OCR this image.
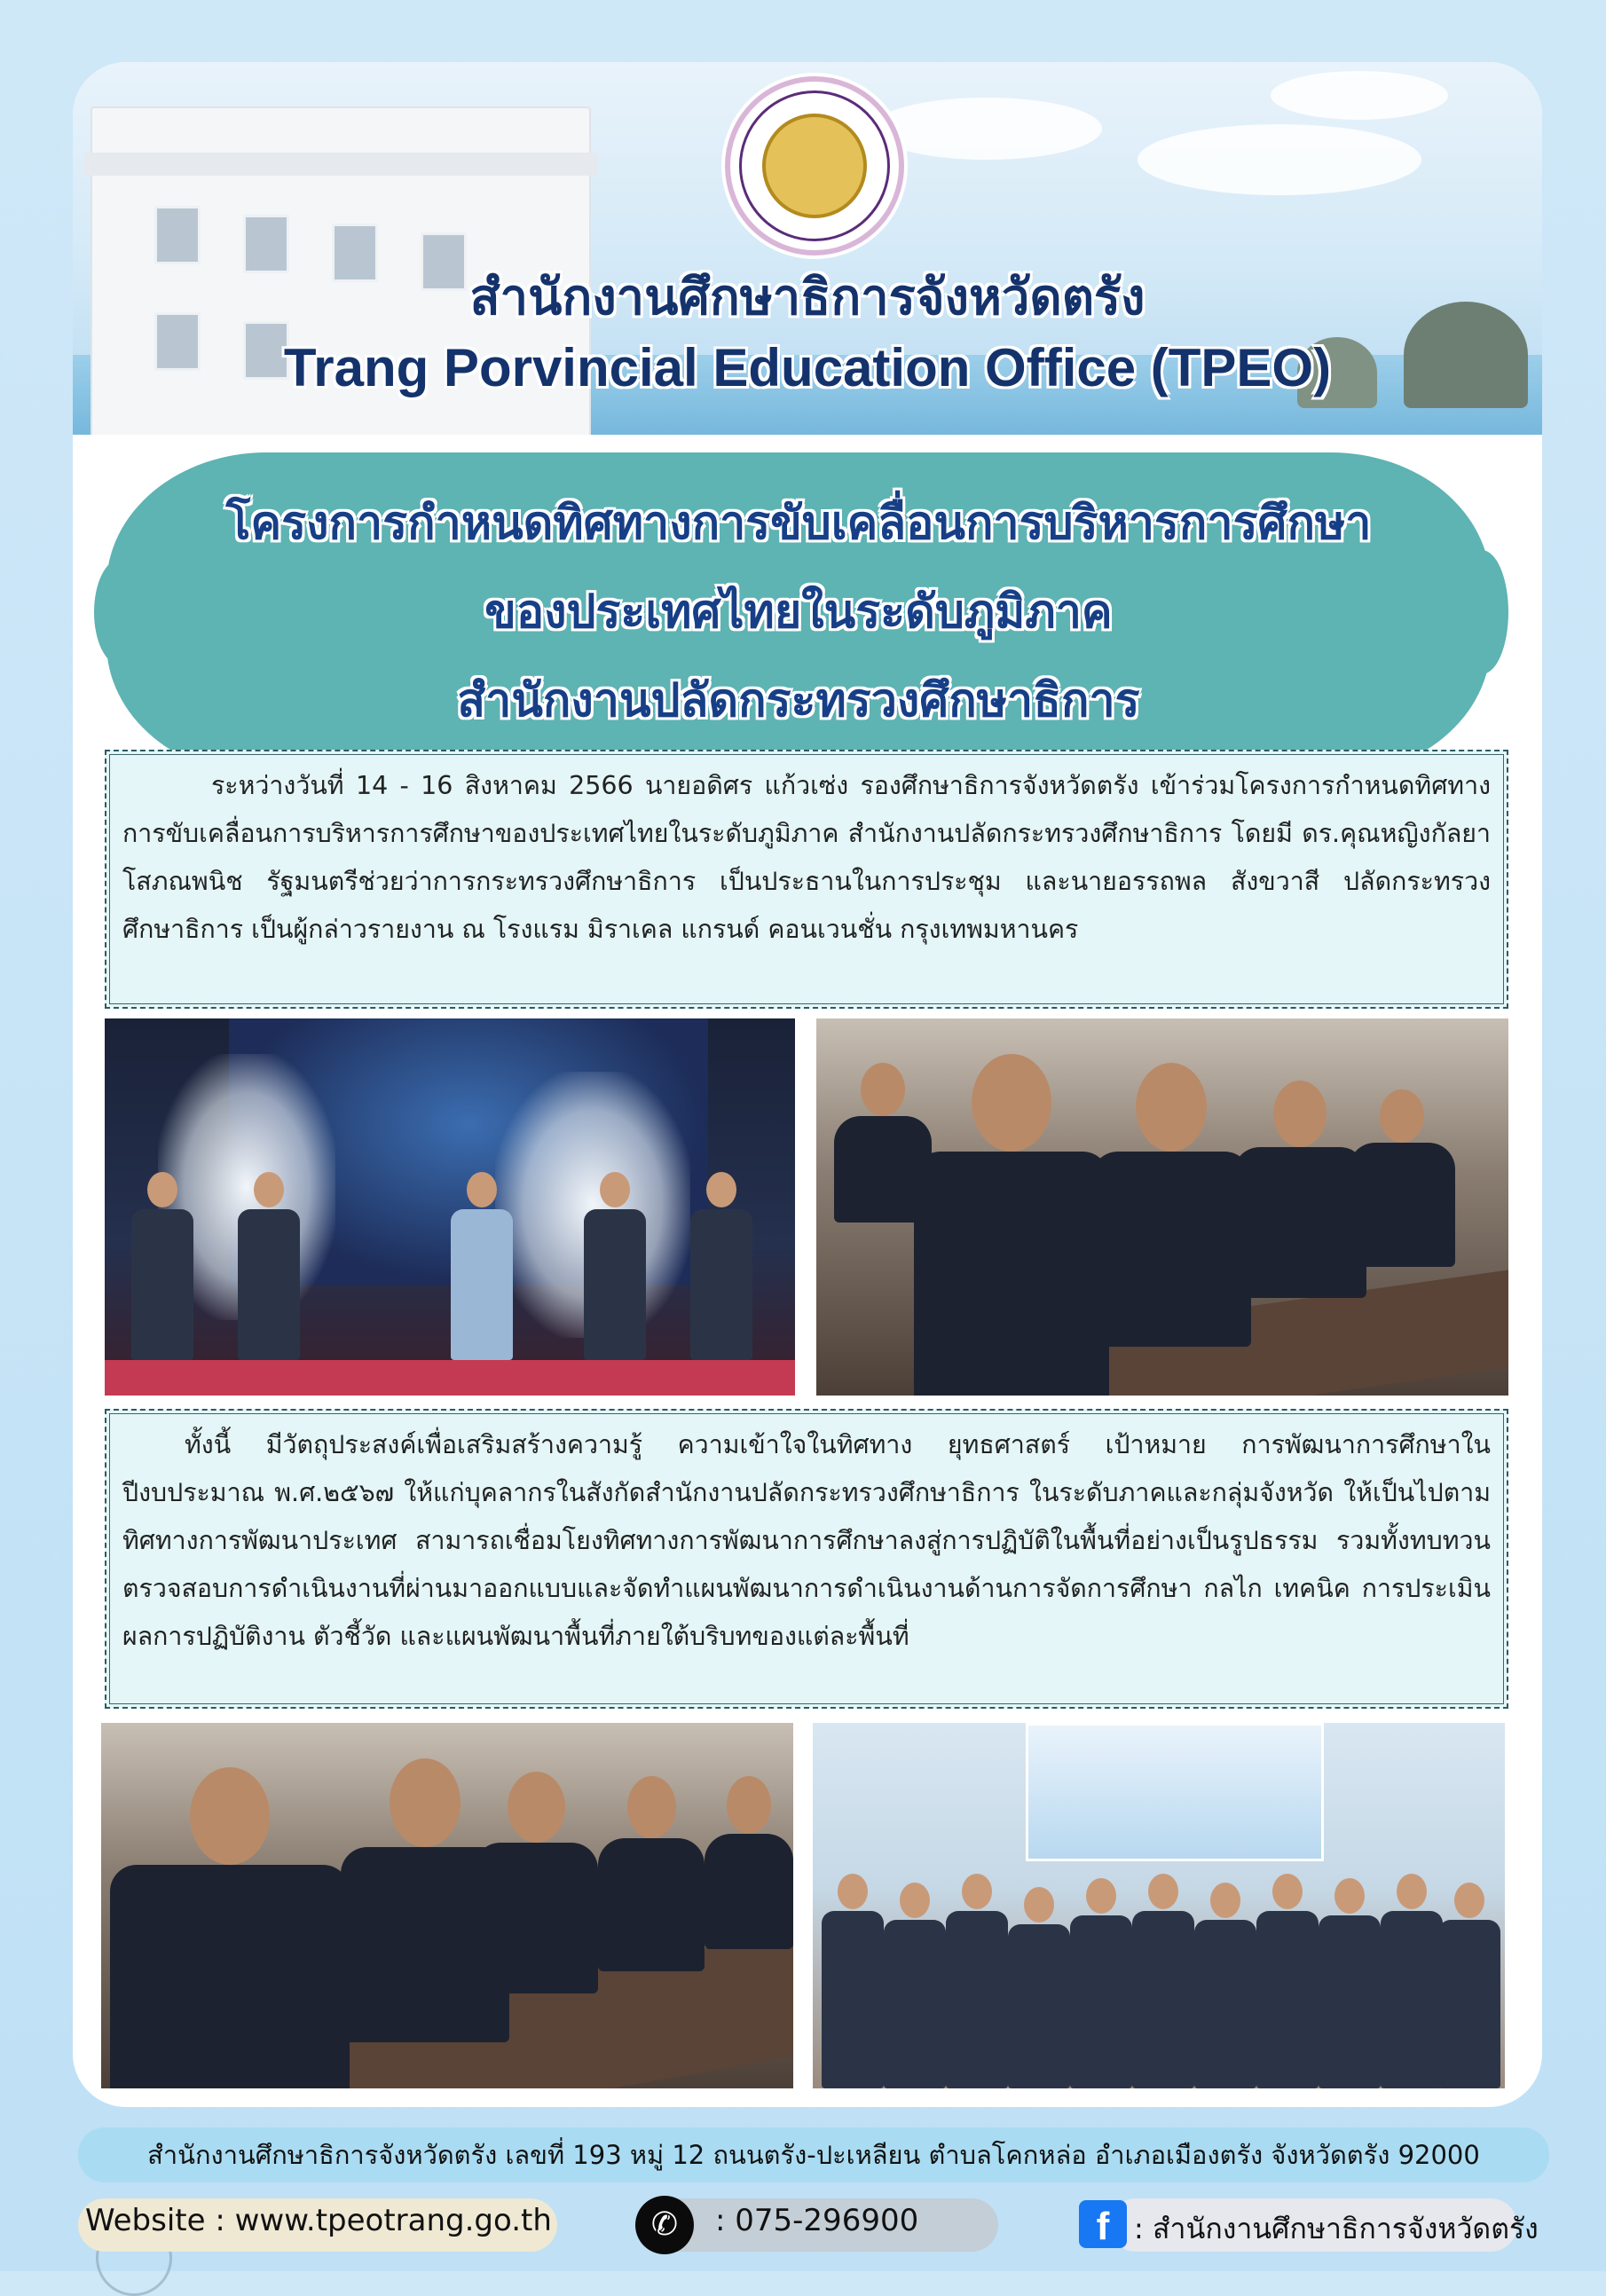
สำนักงานศึกษาธิการจังหวัดตรัง
Trang Porvincial Education Office (TPEO)
โครงการกำหนดทิศทางการขับเคลื่อนการบริหารการศึกษา
ของประเทศไทยในระดับภูมิภาค
สำนักงานปลัดกระทรวงศึกษาธิการ
ระหว่างวันที่ 14 - 16 สิงหาคม 2566 นายอดิศร แก้วเซ่ง รองศึกษาธิการจังหวัดตรัง เข้าร่วมโครงการกำหนดทิศทางการขับเคลื่อนการบริหารการศึกษาของประเทศไทยในระดับภูมิภาค สำนักงานปลัดกระทรวงศึกษาธิการ โดยมี ดร.คุณหญิงกัลยา โสภณพนิช รัฐมนตรีช่วยว่าการกระทรวงศึกษาธิการ เป็นประธานในการประชุม และนายอรรถพล สังขวาสี ปลัดกระทรวงศึกษาธิการ เป็นผู้กล่าวรายงาน ณ โรงแรม มิราเคล แกรนด์ คอนเวนชั่น กรุงเทพมหานคร
ทั้งนี้ มีวัตถุประสงค์เพื่อเสริมสร้างความรู้ ความเข้าใจในทิศทาง ยุทธศาสตร์ เป้าหมาย การพัฒนาการศึกษาในปีงบประมาณ พ.ศ.๒๕๖๗ ให้แก่บุคลากรในสังกัดสำนักงานปลัดกระทรวงศึกษาธิการ ในระดับภาคและกลุ่มจังหวัด ให้เป็นไปตามทิศทางการพัฒนาประเทศ สามารถเชื่อมโยงทิศทางการพัฒนาการศึกษาลงสู่การปฏิบัติในพื้นที่อย่างเป็นรูปธรรม รวมทั้งทบทวน ตรวจสอบการดำเนินงานที่ผ่านมาออกแบบและจัดทำแผนพัฒนาการดำเนินงานด้านการจัดการศึกษา กลไก เทคนิค การประเมินผลการปฏิบัติงาน ตัวชี้วัด และแผนพัฒนาพื้นที่ภายใต้บริบทของแต่ละพื้นที่
สำนักงานศึกษาธิการจังหวัดตรัง เลขที่ 193 หมู่ 12 ถนนตรัง-ปะเหลียน ตำบลโคกหล่อ อำเภอเมืองตรัง จังหวัดตรัง 92000
Website : www.tpeotrang.go.th	✆	: 075-296900	f : สำนักงานศึกษาธิการจังหวัดตรัง
